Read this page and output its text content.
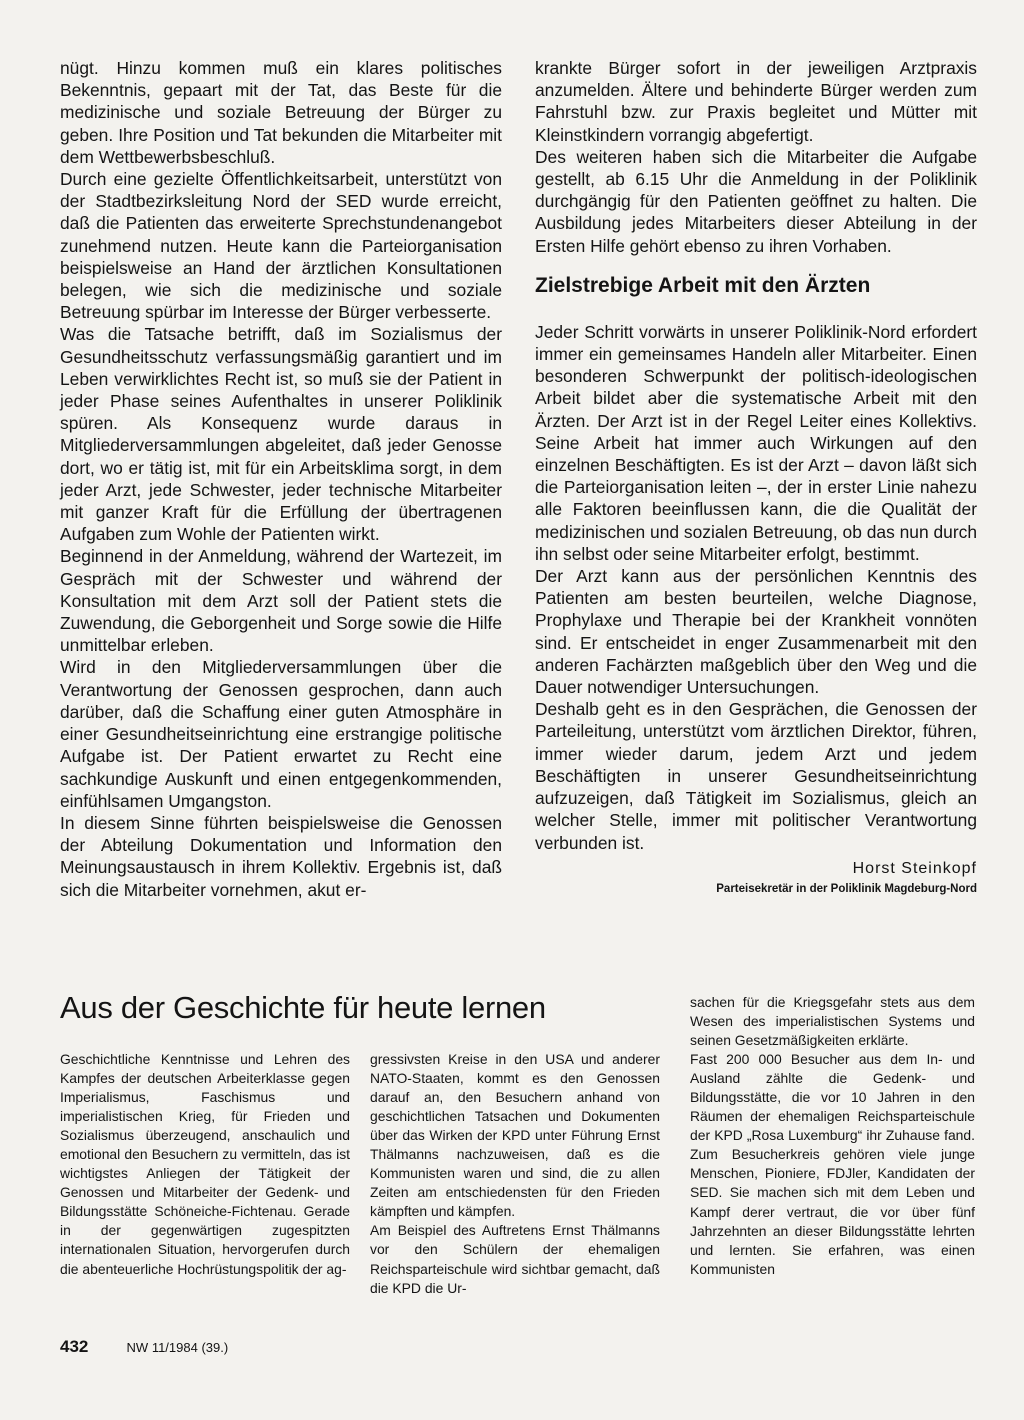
nügt. Hinzu kommen muß ein klares politisches Bekenntnis, gepaart mit der Tat, das Beste für die medizinische und soziale Betreuung der Bürger zu geben. Ihre Position und Tat bekunden die Mitarbeiter mit dem Wettbewerbsbeschluß.

Durch eine gezielte Öffentlichkeitsarbeit, unterstützt von der Stadtbezirksleitung Nord der SED wurde erreicht, daß die Patienten das erweiterte Sprechstundenangebot zunehmend nutzen. Heute kann die Parteiorganisation beispielsweise an Hand der ärztlichen Konsultationen belegen, wie sich die medizinische und soziale Betreuung spürbar im Interesse der Bürger verbesserte.

Was die Tatsache betrifft, daß im Sozialismus der Gesundheitsschutz verfassungsmäßig garantiert und im Leben verwirklichtes Recht ist, so muß sie der Patient in jeder Phase seines Aufenthaltes in unserer Poliklinik spüren. Als Konsequenz wurde daraus in Mitgliederversammlungen abgeleitet, daß jeder Genosse dort, wo er tätig ist, mit für ein Arbeitsklima sorgt, in dem jeder Arzt, jede Schwester, jeder technische Mitarbeiter mit ganzer Kraft für die Erfüllung der übertragenen Aufgaben zum Wohle der Patienten wirkt.

Beginnend in der Anmeldung, während der Wartezeit, im Gespräch mit der Schwester und während der Konsultation mit dem Arzt soll der Patient stets die Zuwendung, die Geborgenheit und Sorge sowie die Hilfe unmittelbar erleben.

Wird in den Mitgliederversammlungen über die Verantwortung der Genossen gesprochen, dann auch darüber, daß die Schaffung einer guten Atmosphäre in einer Gesundheitseinrichtung eine erstrangige politische Aufgabe ist. Der Patient erwartet zu Recht eine sachkundige Auskunft und einen entgegenkommenden, einfühlsamen Umgangston.

In diesem Sinne führten beispielsweise die Genossen der Abteilung Dokumentation und Information den Meinungsaustausch in ihrem Kollektiv. Ergebnis ist, daß sich die Mitarbeiter vornehmen, akut er-

krankte Bürger sofort in der jeweiligen Arztpraxis anzumelden. Ältere und behinderte Bürger werden zum Fahrstuhl bzw. zur Praxis begleitet und Mütter mit Kleinstkindern vorrangig abgefertigt.

Des weiteren haben sich die Mitarbeiter die Aufgabe gestellt, ab 6.15 Uhr die Anmeldung in der Poliklinik durchgängig für den Patienten geöffnet zu halten. Die Ausbildung jedes Mitarbeiters dieser Abteilung in der Ersten Hilfe gehört ebenso zu ihren Vorhaben.

Zielstrebige Arbeit mit den Ärzten

Jeder Schritt vorwärts in unserer Poliklinik-Nord erfordert immer ein gemeinsames Handeln aller Mitarbeiter. Einen besonderen Schwerpunkt der politisch-ideologischen Arbeit bildet aber die systematische Arbeit mit den Ärzten. Der Arzt ist in der Regel Leiter eines Kollektivs. Seine Arbeit hat immer auch Wirkungen auf den einzelnen Beschäftigten. Es ist der Arzt – davon läßt sich die Parteiorganisation leiten –, der in erster Linie nahezu alle Faktoren beeinflussen kann, die die Qualität der medizinischen und sozialen Betreuung, ob das nun durch ihn selbst oder seine Mitarbeiter erfolgt, bestimmt.

Der Arzt kann aus der persönlichen Kenntnis des Patienten am besten beurteilen, welche Diagnose, Prophylaxe und Therapie bei der Krankheit vonnöten sind. Er entscheidet in enger Zusammenarbeit mit den anderen Fachärzten maßgeblich über den Weg und die Dauer notwendiger Untersuchungen.

Deshalb geht es in den Gesprächen, die Genossen der Parteileitung, unterstützt vom ärztlichen Direktor, führen, immer wieder darum, jedem Arzt und jedem Beschäftigten in unserer Gesundheitseinrichtung aufzuzeigen, daß Tätigkeit im Sozialismus, gleich an welcher Stelle, immer mit politischer Verantwortung verbunden ist.

Horst Steinkopf
Parteisekretär in der Poliklinik Magdeburg-Nord
Aus der Geschichte für heute lernen

Geschichtliche Kenntnisse und Lehren des Kampfes der deutschen Arbeiterklasse gegen Imperialismus, Faschismus und imperialistischen Krieg, für Frieden und Sozialismus überzeugend, anschaulich und emotional den Besuchern zu vermitteln, das ist wichtigstes Anliegen der Tätigkeit der Genossen und Mitarbeiter der Gedenk- und Bildungsstätte Schöneiche-Fichtenau. Gerade in der gegenwärtigen zugespitzten internationalen Situation, hervorgerufen durch die abenteuerliche Hochrüstungspolitik der ag-

gressivsten Kreise in den USA und anderer NATO-Staaten, kommt es den Genossen darauf an, den Besuchern anhand von geschichtlichen Tatsachen und Dokumenten über das Wirken der KPD unter Führung Ernst Thälmanns nachzuweisen, daß es die Kommunisten waren und sind, die zu allen Zeiten am entschiedensten für den Frieden kämpften und kämpfen.

Am Beispiel des Auftretens Ernst Thälmanns vor den Schülern der ehemaligen Reichsparteischule wird sichtbar gemacht, daß die KPD die Ur-

sachen für die Kriegsgefahr stets aus dem Wesen des imperialistischen Systems und seinen Gesetzmäßigkeiten erklärte.

Fast 200 000 Besucher aus dem In- und Ausland zählte die Gedenk- und Bildungsstätte, die vor 10 Jahren in den Räumen der ehemaligen Reichsparteischule der KPD „Rosa Luxemburg“ ihr Zuhause fand. Zum Besucherkreis gehören viele junge Menschen, Pioniere, FDJler, Kandidaten der SED. Sie machen sich mit dem Leben und Kampf derer vertraut, die vor über fünf Jahrzehnten an dieser Bildungsstätte lehrten und lernten. Sie erfahren, was einen Kommunisten

432	NW 11/1984 (39.)
